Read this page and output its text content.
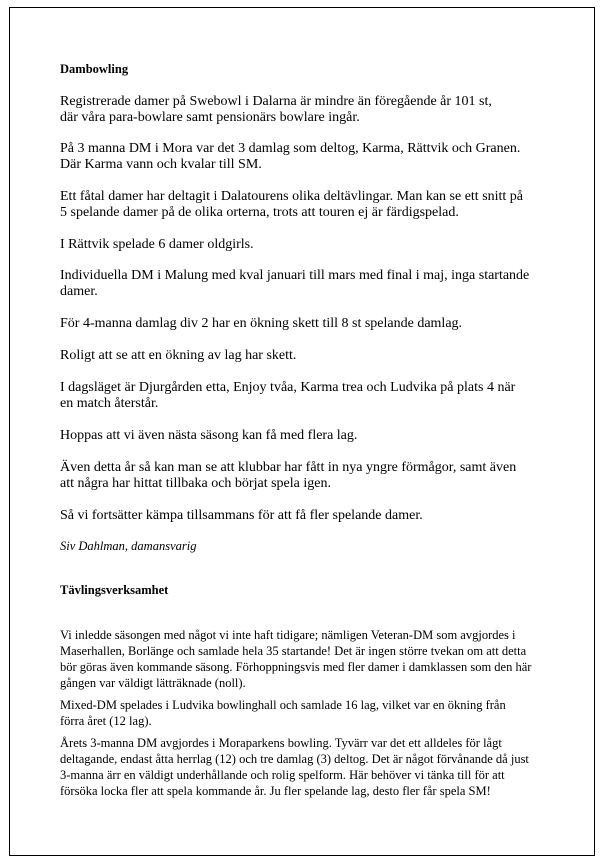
Dambowling
Registrerade damer på Swebowl i Dalarna är mindre än föregående år 101 st,
där våra para-bowlare samt pensionärs bowlare ingår.
På 3 manna DM i Mora var det 3 damlag som deltog, Karma, Rättvik och Granen.
Där Karma vann och kvalar till SM.
Ett fåtal damer har deltagit i Dalatourens olika deltävlingar. Man kan se ett snitt på
5 spelande damer på de olika orterna, trots att touren ej är färdigspelad.
I Rättvik spelade 6 damer oldgirls.
Individuella DM i Malung med kval januari till mars med final i maj, inga startande
damer.
För 4-manna damlag div 2 har en ökning skett till 8 st spelande damlag.
Roligt att se att en ökning av lag har skett.
I dagsläget är Djurgården etta, Enjoy tvåa, Karma trea och Ludvika på plats 4 när
en match återstår.
Hoppas att vi även nästa säsong kan få med flera lag.
Även detta år så kan man se att klubbar har fått in nya yngre förmågor, samt även
att några har hittat tillbaka och börjat spela igen.
Så vi fortsätter kämpa tillsammans för att få fler spelande damer.
Siv Dahlman, damansvarig
Tävlingsverksamhet
Vi inledde säsongen med något vi inte haft tidigare; nämligen Veteran-DM som avgjordes i
Maserhallen, Borlänge och samlade hela 35 startande! Det är ingen större tvekan om att detta
bör göras även kommande säsong. Förhoppningsvis med fler damer i damklassen som den här
gången var väldigt lätträknade (noll).
Mixed-DM spelades i Ludvika bowlinghall och samlade 16 lag, vilket var en ökning från
förra året (12 lag).
Årets 3-manna DM avgjordes i Moraparkens bowling. Tyvärr var det ett alldeles för lågt
deltagande, endast åtta herrlag (12) och tre damlag (3) deltog. Det är något förvånande då just
3-manna ärr en väldigt underhållande och rolig spelform. Här behöver vi tänka till för att
försöka locka fler att spela kommande år. Ju fler spelande lag, desto fler får spela SM!
